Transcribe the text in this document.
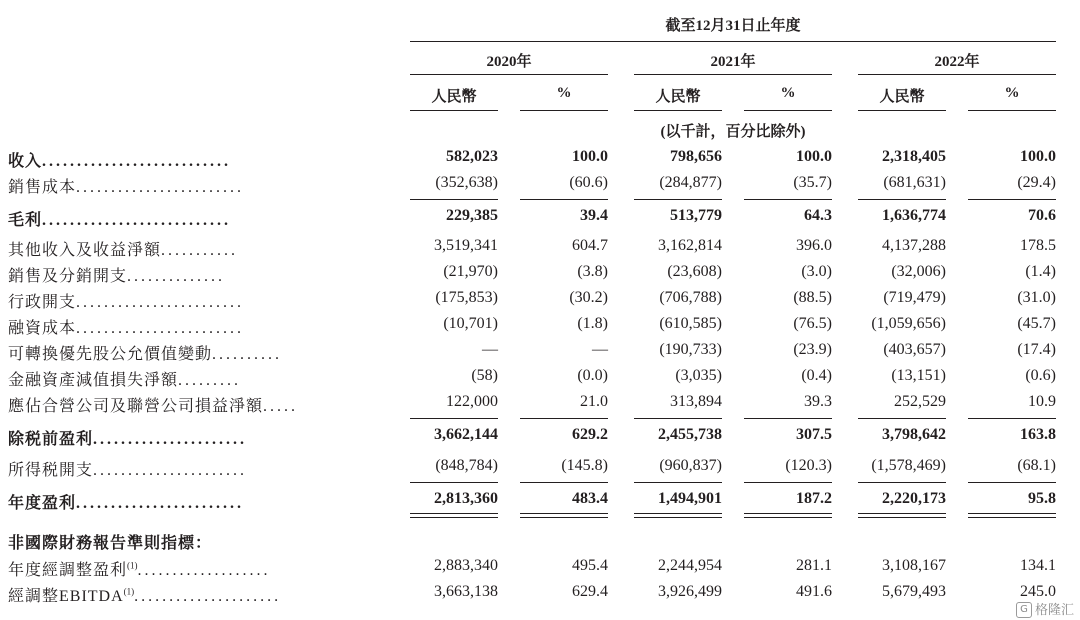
截至12月31日止年度
2020年	2021年	2022年
人民幣	%	人民幣	%	人民幣	%
(以千計，百分比除外)
收入...........................	582,023	100.0	798,656	100.0	2,318,405	100.0
銷售成本........................	(352,638)	(60.6)	(284,877)	(35.7)	(681,631)	(29.4)
毛利...........................	229,385	39.4	513,779	64.3	1,636,774	70.6
其他收入及收益淨額...........	3,519,341	604.7	3,162,814	396.0	4,137,288	178.5
銷售及分銷開支..............	(21,970)	(3.8)	(23,608)	(3.0)	(32,006)	(1.4)
行政開支........................	(175,853)	(30.2)	(706,788)	(88.5)	(719,479)	(31.0)
融資成本........................	(10,701)	(1.8)	(610,585)	(76.5)	(1,059,656)	(45.7)
可轉換優先股公允價值變動..........	—	—	(190,733)	(23.9)	(403,657)	(17.4)
金融資產減值損失淨額.........	(58)	(0.0)	(3,035)	(0.4)	(13,151)	(0.6)
應佔合營公司及聯營公司損益淨額.....	122,000	21.0	313,894	39.3	252,529	10.9
除税前盈利......................	3,662,144	629.2	2,455,738	307.5	3,798,642	163.8
所得税開支......................	(848,784)	(145.8)	(960,837)	(120.3)	(1,578,469)	(68.1)
年度盈利........................	2,813,360	483.4	1,494,901	187.2	2,220,173	95.8
非國際財務報告準則指標：
年度經調整盈利$^{(1)}$...................	2,883,340	495.4	2,244,954	281.1	3,108,167	134.1
經調整EBITDA$^{(1)}$.....................	3,663,138	629.4	3,926,499	491.6	5,679,493	245.0
G 格隆汇
